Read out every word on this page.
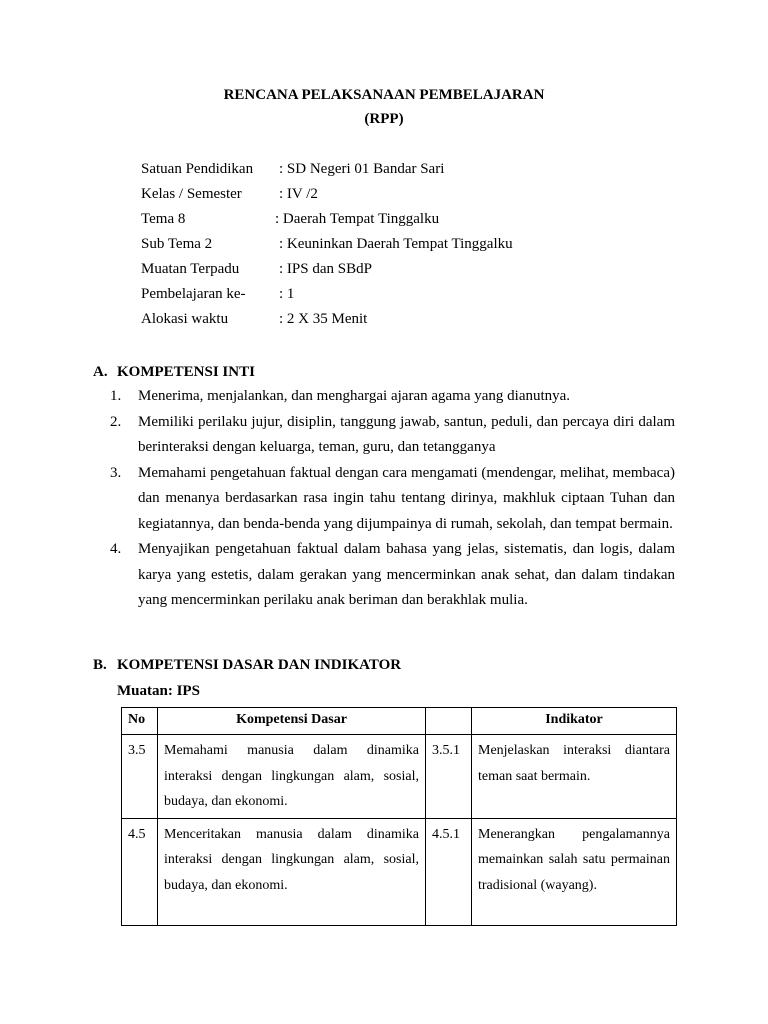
RENCANA PELAKSANAAN PEMBELAJARAN
(RPP)
Satuan Pendidikan : SD Negeri 01 Bandar Sari
Kelas / Semester : IV /2
Tema 8	: Daerah Tempat Tinggalku
Sub Tema 2	: Keuninkan Daerah Tempat Tinggalku
Muatan Terpadu	: IPS dan SBdP
Pembelajaran ke- : 1
Alokasi waktu	: 2 X 35 Menit
A. KOMPETENSI INTI
1. Menerima, menjalankan, dan menghargai ajaran agama yang dianutnya.
2. Memiliki perilaku jujur, disiplin, tanggung jawab, santun, peduli, dan percaya diri dalam berinteraksi dengan keluarga, teman, guru, dan tetangganya
3. Memahami pengetahuan faktual dengan cara mengamati (mendengar, melihat, membaca) dan menanya berdasarkan rasa ingin tahu tentang dirinya, makhluk ciptaan Tuhan dan kegiatannya, dan benda-benda yang dijumpainya di rumah, sekolah, dan tempat bermain.
4. Menyajikan pengetahuan faktual dalam bahasa yang jelas, sistematis, dan logis, dalam karya yang estetis, dalam gerakan yang mencerminkan anak sehat, dan dalam tindakan yang mencerminkan perilaku anak beriman dan berakhlak mulia.
B. KOMPETENSI DASAR DAN INDIKATOR
Muatan: IPS
No	Kompetensi Dasar		Indikator
3.5	Memahami manusia dalam dinamika interaksi dengan lingkungan alam, sosial, budaya, dan ekonomi.	3.5.1	Menjelaskan interaksi diantara teman saat bermain.
4.5	Menceritakan manusia dalam dinamika interaksi dengan lingkungan alam, sosial, budaya, dan ekonomi.	4.5.1	Menerangkan pengalamannya memainkan salah satu permainan tradisional (wayang).
